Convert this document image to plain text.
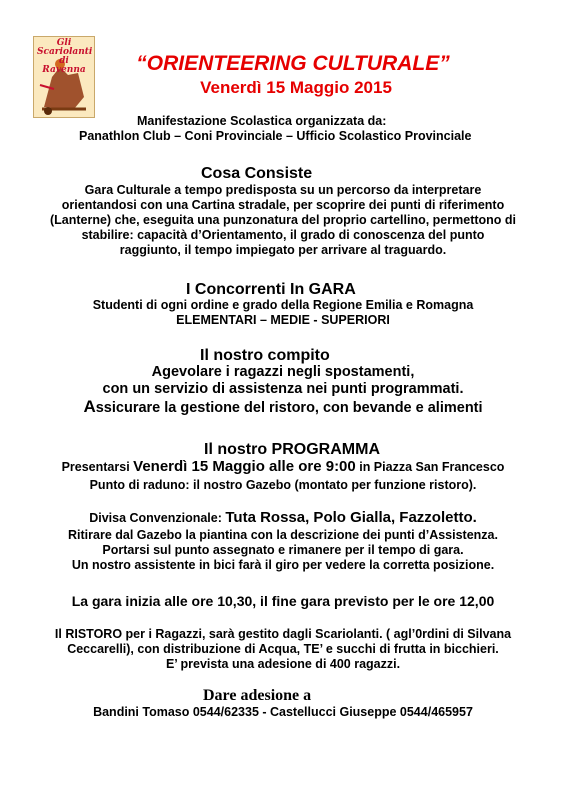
Gli Scariolanti di Ravenna	“ORIENTEERING CULTURALE”
Venerdì 15 Maggio 2015
Manifestazione Scolastica organizzata da:
Panathlon Club – Coni Provinciale – Ufficio Scolastico Provinciale
Cosa Consiste
Gara Culturale a tempo predisposta su un percorso da interpretare
orientandosi con una Cartina stradale, per scoprire dei punti di riferimento
(Lanterne) che, eseguita una punzonatura del proprio cartellino, permettono di
stabilire: capacità d’Orientamento, il grado di conoscenza del punto
raggiunto, il tempo impiegato per arrivare al traguardo.
I Concorrenti In GARA
Studenti di ogni ordine e grado della Regione Emilia e Romagna
ELEMENTARI – MEDIE - SUPERIORI
Il nostro compito
Agevolare i ragazzi negli spostamenti,
con un servizio di assistenza nei punti programmati.
Assicurare la gestione del ristoro, con bevande e alimenti
Il nostro PROGRAMMA
Presentarsi Venerdì 15 Maggio alle ore 9:00 in Piazza San Francesco
Punto di raduno: il nostro Gazebo (montato per funzione ristoro).
Divisa Convenzionale: Tuta Rossa, Polo Gialla, Fazzoletto.
Ritirare dal Gazebo la piantina con la descrizione dei punti d’Assistenza.
Portarsi sul punto assegnato e rimanere per il tempo di gara.
Un nostro assistente in bici farà il giro per vedere la corretta posizione.
La gara inizia alle ore 10,30, il fine gara previsto per le ore 12,00
Il RISTORO per i Ragazzi, sarà gestito dagli Scariolanti. ( agl’0rdini di Silvana
Ceccarelli), con distribuzione di Acqua, TE’ e succhi di frutta in bicchieri.
E’ prevista una adesione di 400 ragazzi.
Dare adesione a
Bandini Tomaso 0544/62335 - Castellucci Giuseppe 0544/465957
